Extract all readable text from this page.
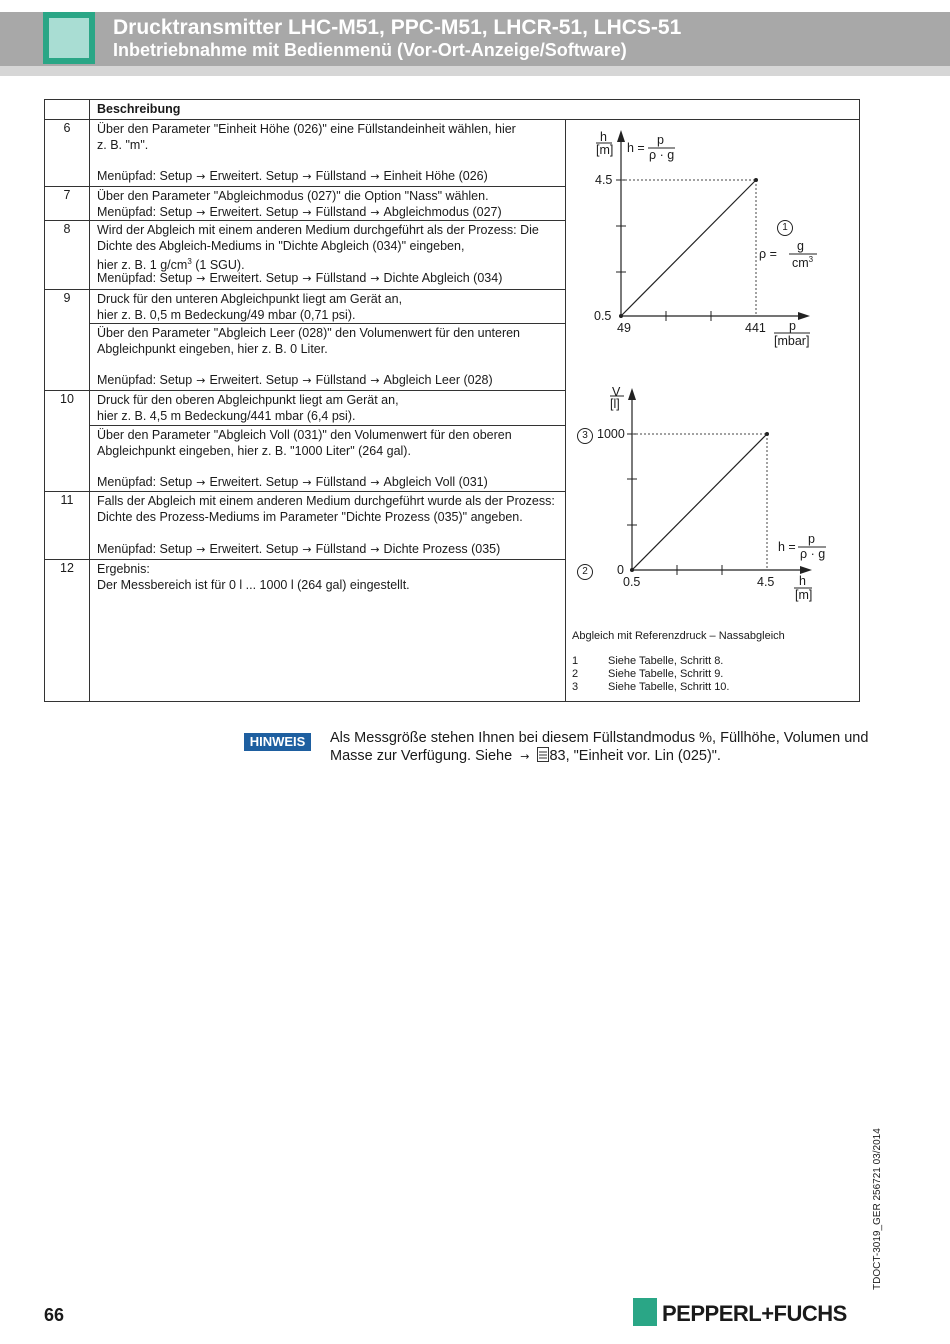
Drucktransmitter LHC-M51, PPC-M51, LHCR-51, LHCS-51
Inbetriebnahme mit Bedienmenü (Vor-Ort-Anzeige/Software)
Beschreibung
6	Über den Parameter "Einheit Höhe (026)" eine Füllstandeinheit wählen, hier
z. B. "m".
Menüpfad: Setup → Erweitert. Setup → Füllstand → Einheit Höhe (026)
7	Über den Parameter "Abgleichmodus (027)" die Option "Nass" wählen.
Menüpfad: Setup → Erweitert. Setup → Füllstand → Abgleichmodus (027)
8	Wird der Abgleich mit einem anderen Medium durchgeführt als der Prozess: Die
Dichte des Abgleich-Mediums in "Dichte Abgleich (034)" eingeben,
hier z. B. 1 $g/cm^3$ (1 SGU).
Menüpfad: Setup → Erweitert. Setup → Füllstand → Dichte Abgleich (034)
9	Druck für den unteren Abgleichpunkt liegt am Gerät an,
hier z. B. 0,5 m Bedeckung/49 mbar (0,71 psi).
Über den Parameter "Abgleich Leer (028)" den Volumenwert für den unteren
Abgleichpunkt eingeben, hier z. B. 0 Liter.
Menüpfad: Setup → Erweitert. Setup → Füllstand → Abgleich Leer (028)
10	Druck für den oberen Abgleichpunkt liegt am Gerät an,
hier z. B. 4,5 m Bedeckung/441 mbar (6,4 psi).
Über den Parameter "Abgleich Voll (031)" den Volumenwert für den oberen
Abgleichpunkt eingeben, hier z. B. "1000 Liter" (264 gal).
Menüpfad: Setup → Erweitert. Setup → Füllstand → Abgleich Voll (031)
11	Falls der Abgleich mit einem anderen Medium durchgeführt wurde als der Prozess:
Dichte des Prozess-Mediums im Parameter "Dichte Prozess (035)" angeben.
Menüpfad: Setup → Erweitert. Setup → Füllstand → Dichte Prozess (035)
12	Ergebnis:
Der Messbereich ist für 0 l ... 1000 l (264 gal) eingestellt.
h
[m] h =
p
ρ · g
4.5
0.5
49	441 p
[mbar]
1
ρ =
g
$cm^3$
V
[l]
3 1000
2	0
0.5	4.5
h =
p
ρ · g
h
[m]
Abgleich mit Referenzdruck – Nassabgleich
1	Siehe Tabelle, Schritt 8.
2	Siehe Tabelle, Schritt 9.
3	Siehe Tabelle, Schritt 10.
HINWEIS	Als Messgröße stehen Ihnen bei diesem Füllstandmodus %, Füllhöhe, Volumen und
Masse zur Verfügung. Siehe → 83, "Einheit vor. Lin (025)".
66
TDOCT-3019_GER 256721 03/2014
PEPPERL+FUCHS
